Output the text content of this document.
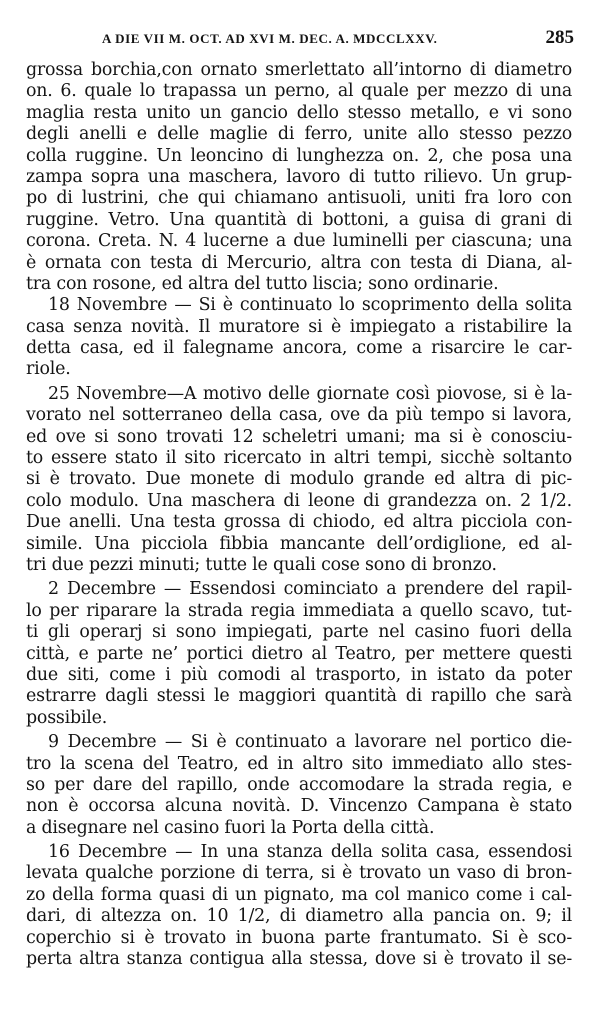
A DIE VII M. OCT. AD XVI M. DEC. A. MDCCLXXV.	285
grossa borchia,con ornato smerlettato all’intorno di diametro
on. 6. quale lo trapassa un perno, al quale per mezzo di una
maglia resta unito un gancio dello stesso metallo, e vi sono
degli anelli e delle maglie di ferro, unite allo stesso pezzo
colla ruggine. Un leoncino di lunghezza on. 2, che posa una
zampa sopra una maschera, lavoro di tutto rilievo. Un grup-
po di lustrini, che qui chiamano antisuoli, uniti fra loro con
ruggine. Vetro. Una quantità di bottoni, a guisa di grani di
corona. Creta. N. 4 lucerne a due luminelli per ciascuna; una
è ornata con testa di Mercurio, altra con testa di Diana, al-
tra con rosone, ed altra del tutto liscia; sono ordinarie.
18 Novembre — Si è continuato lo scoprimento della solita
casa senza novità. Il muratore si è impiegato a ristabilire la
detta casa, ed il falegname ancora, come a risarcire le car-
riole.
25 Novembre—A motivo delle giornate così piovose, si è la-
vorato nel sotterraneo della casa, ove da più tempo si lavora,
ed ove si sono trovati 12 scheletri umani; ma si è conosciu-
to essere stato il sito ricercato in altri tempi, sicchè soltanto
si è trovato. Due monete di modulo grande ed altra di pic-
colo modulo. Una maschera di leone di grandezza on. 2 1/2.
Due anelli. Una testa grossa di chiodo, ed altra picciola con-
simile. Una picciola fibbia mancante dell’ordiglione, ed al-
tri due pezzi minuti; tutte le quali cose sono di bronzo.
2 Decembre — Essendosi cominciato a prendere del rapil-
lo per riparare la strada regia immediata a quello scavo, tut-
ti gli operarj si sono impiegati, parte nel casino fuori della
città, e parte ne’ portici dietro al Teatro, per mettere questi
due siti, come i più comodi al trasporto, in istato da poter
estrarre dagli stessi le maggiori quantità di rapillo che sarà
possibile.
9 Decembre — Si è continuato a lavorare nel portico die-
tro la scena del Teatro, ed in altro sito immediato allo stes-
so per dare del rapillo, onde accomodare la strada regia, e
non è occorsa alcuna novità. D. Vincenzo Campana è stato
a disegnare nel casino fuori la Porta della città.
16 Decembre — In una stanza della solita casa, essendosi
levata qualche porzione di terra, si è trovato un vaso di bron-
zo della forma quasi di un pignato, ma col manico come i cal-
dari, di altezza on. 10 1/2, di diametro alla pancia on. 9; il
coperchio si è trovato in buona parte frantumato. Si è sco-
perta altra stanza contigua alla stessa, dove si è trovato il se-
